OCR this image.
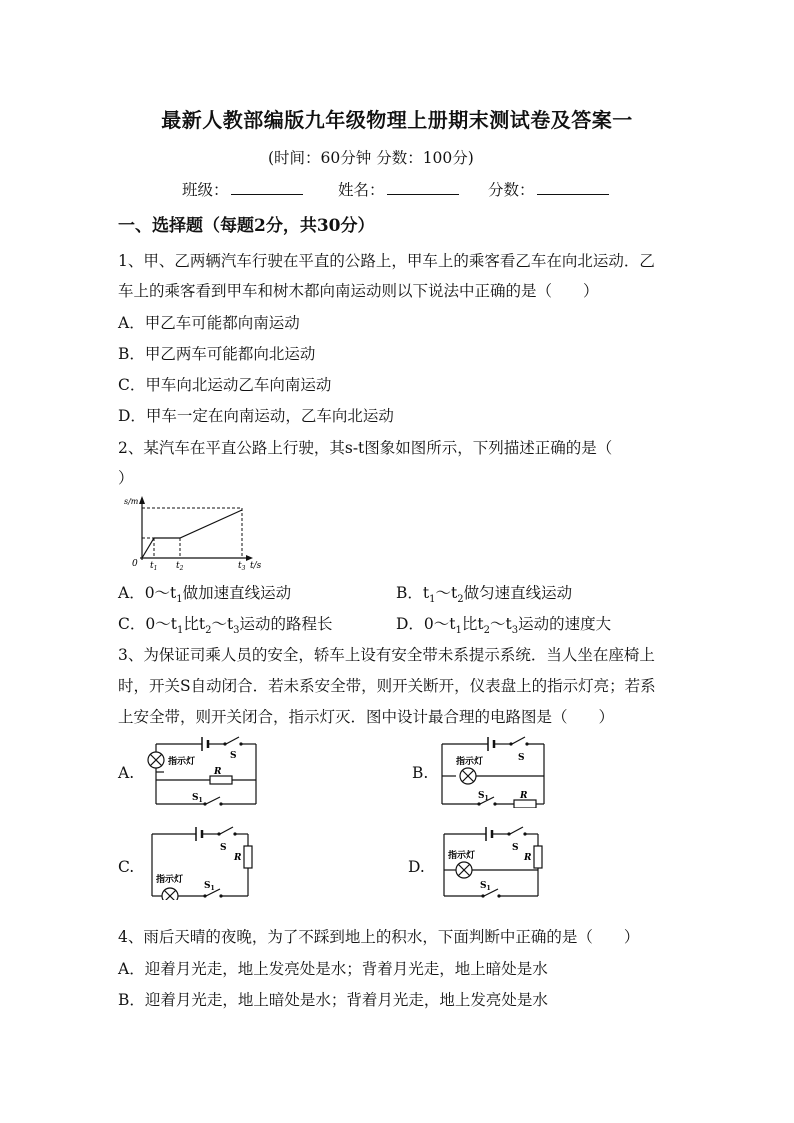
最新人教部编版九年级物理上册期末测试卷及答案一
(时间：60分钟 分数：100分)
班级：	姓名：	分数：
一、选择题（每题2分，共30分）
1、甲、乙两辆汽车行驶在平直的公路上，甲车上的乘客看乙车在向北运动．乙
车上的乘客看到甲车和树木都向南运动则以下说法中正确的是（　　）
A．甲乙车可能都向南运动
B．甲乙两车可能都向北运动
C．甲车向北运动乙车向南运动
D．甲车一定在向南运动，乙车向北运动
2、某汽车在平直公路上行驶，其s-t图象如图所示，下列描述正确的是（
）
s/m
0 $t_1$ $t_2$	$t_3$ t/s
A．$0\sim t_1$做加速直线运动	B．$t_1\sim t_2$做匀速直线运动
C．$0\sim t_1$比$t_2\sim t_3$运动的路程长	D．$0\sim t_1$比$t_2\sim t_3$运动的速度大
3、为保证司乘人员的安全，轿车上设有安全带未系提示系统．当人坐在座椅上
时，开关S自动闭合．若未系安全带，则开关断开，仪表盘上的指示灯亮；若系
上安全带，则开关闭合，指示灯灭．图中设计最合理的电路图是（　　）
A.	B.
C.	D.
指示灯
R
S
$S_1$
指示灯	S
$S_1$	R
指示灯
S
R
$S_1$
指示灯
S
R
$S_1$
4、雨后天晴的夜晚，为了不踩到地上的积水，下面判断中正确的是（　　）
A．迎着月光走，地上发亮处是水；背着月光走，地上暗处是水
B．迎着月光走，地上暗处是水；背着月光走，地上发亮处是水
